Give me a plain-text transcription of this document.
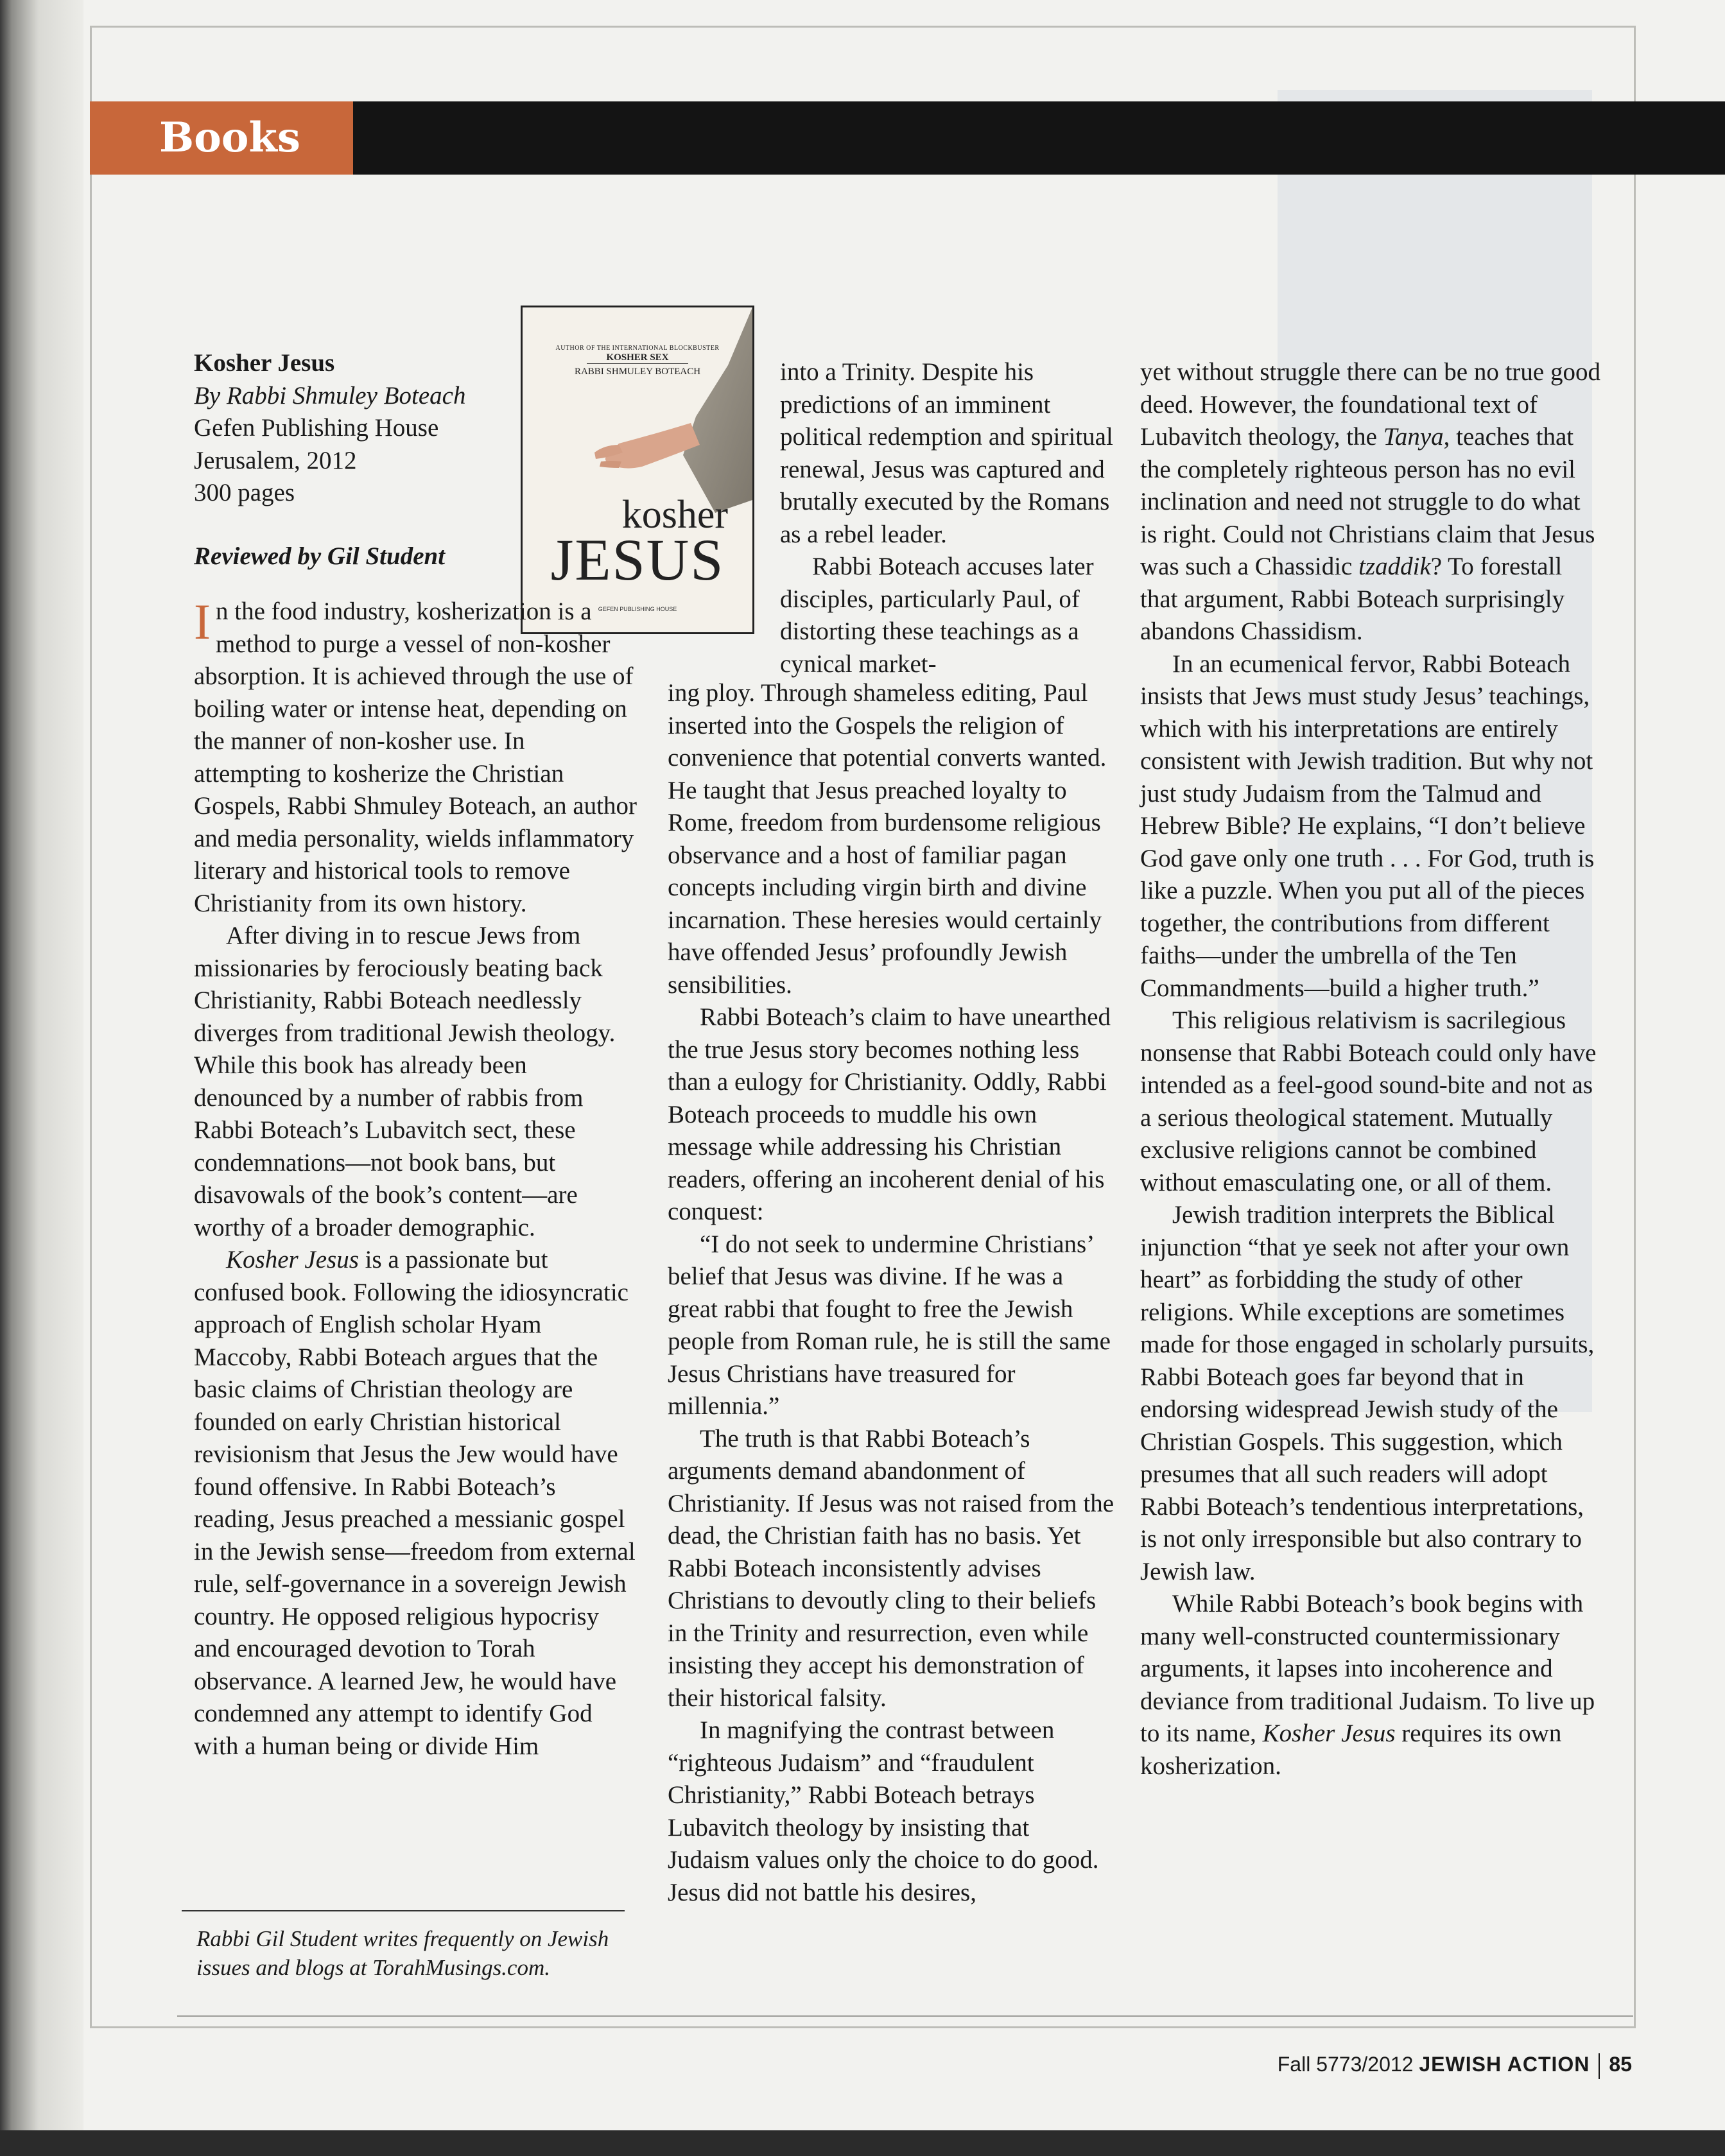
Books
Kosher Jesus
By Rabbi Shmuley Boteach
Gefen Publishing House
Jerusalem, 2012
300 pages
Reviewed by Gil Student
AUTHOR OF THE INTERNATIONAL BLOCKBUSTER
KOSHER SEX
RABBI SHMULEY BOTEACH
kosher
JESUS
GEFEN PUBLISHING HOUSE

In the food industry, kosherization is a method to purge a vessel of non-kosher absorption. It is achieved through the use of boiling water or intense heat, depending on the manner of non-kosher use. In attempting to kosherize the Christian Gospels, Rabbi Shmuley Boteach, an author and media personality, wields inflammatory literary and historical tools to remove Christianity from its own history.

After diving in to rescue Jews from missionaries by ferociously beating back Christianity, Rabbi Boteach needlessly diverges from traditional Jewish theology. While this book has already been denounced by a number of rabbis from Rabbi Boteach’s Lubavitch sect, these condemnations—not book bans, but disavowals of the book’s content—are worthy of a broader demographic.

Kosher Jesus is a passionate but confused book. Following the idiosyncratic approach of English scholar Hyam Maccoby, Rabbi Boteach argues that the basic claims of Christian theology are founded on early Christian historical revisionism that Jesus the Jew would have found offensive. In Rabbi Boteach’s reading, Jesus preached a messianic gospel in the Jewish sense—freedom from external rule, self-governance in a sovereign Jewish country. He opposed religious hypocrisy and encouraged devotion to Torah observance. A learned Jew, he would have condemned any attempt to identify God with a human being or divide Him

into a Trinity. Despite his predictions of an imminent political redemption and spiritual renewal, Jesus was captured and brutally executed by the Romans as a rebel leader.

Rabbi Boteach accuses later disciples, particularly Paul, of distorting these teachings as a cynical market-

ing ploy. Through shameless editing, Paul inserted into the Gospels the religion of convenience that potential converts wanted. He taught that Jesus preached loyalty to Rome, freedom from burdensome religious observance and a host of familiar pagan concepts including virgin birth and divine incarnation. These heresies would certainly have offended Jesus’ profoundly Jewish sensibilities.

Rabbi Boteach’s claim to have unearthed the true Jesus story becomes nothing less than a eulogy for Christianity. Oddly, Rabbi Boteach proceeds to muddle his own message while addressing his Christian readers, offering an incoherent denial of his conquest:

“I do not seek to undermine Christians’ belief that Jesus was divine. If he was a great rabbi that fought to free the Jewish people from Roman rule, he is still the same Jesus Christians have treasured for millennia.”

The truth is that Rabbi Boteach’s arguments demand abandonment of Christianity. If Jesus was not raised from the dead, the Christian faith has no basis. Yet Rabbi Boteach inconsistently advises Christians to devoutly cling to their beliefs in the Trinity and resurrection, even while insisting they accept his demonstration of their historical falsity.

In magnifying the contrast between “righteous Judaism” and “fraudulent Christianity,” Rabbi Boteach betrays Lubavitch theology by insisting that Judaism values only the choice to do good. Jesus did not battle his desires,

yet without struggle there can be no true good deed. However, the foundational text of Lubavitch theology, the Tanya, teaches that the completely righteous person has no evil inclination and need not struggle to do what is right. Could not Christians claim that Jesus was such a Chassidic tzaddik? To forestall that argument, Rabbi Boteach surprisingly abandons Chassidism.

In an ecumenical fervor, Rabbi Boteach insists that Jews must study Jesus’ teachings, which with his interpretations are entirely consistent with Jewish tradition. But why not just study Judaism from the Talmud and Hebrew Bible? He explains, “I don’t believe God gave only one truth . . . For God, truth is like a puzzle. When you put all of the pieces together, the contributions from different faiths—under the umbrella of the Ten Commandments—build a higher truth.”

This religious relativism is sacrilegious nonsense that Rabbi Boteach could only have intended as a feel-good sound-bite and not as a serious theological statement. Mutually exclusive religions cannot be combined without emasculating one, or all of them.

Jewish tradition interprets the Biblical injunction “that ye seek not after your own heart” as forbidding the study of other religions. While exceptions are sometimes made for those engaged in scholarly pursuits, Rabbi Boteach goes far beyond that in endorsing widespread Jewish study of the Christian Gospels. This suggestion, which presumes that all such readers will adopt Rabbi Boteach’s tendentious interpretations, is not only irresponsible but also contrary to Jewish law.

While Rabbi Boteach’s book begins with many well-constructed countermissionary arguments, it lapses into incoherence and deviance from traditional Judaism. To live up to its name, Kosher Jesus requires its own kosherization.

Rabbi Gil Student writes frequently on Jewish issues and blogs at TorahMusings.com.
Fall 5773/2012 JEWISH ACTION 85
